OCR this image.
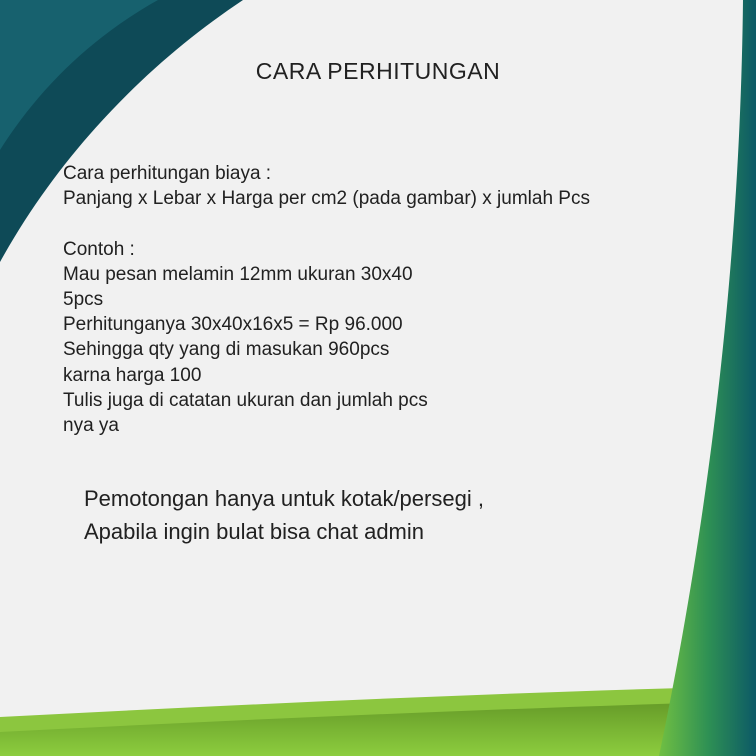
CARA PERHITUNGAN
Cara perhitungan biaya :
Panjang x Lebar x Harga per cm2 (pada gambar) x jumlah Pcs
Contoh :
Mau pesan melamin 12mm ukuran 30x40
5pcs
Perhitunganya 30x40x16x5 = Rp 96.000
Sehingga qty yang di masukan 960pcs
karna harga 100
Tulis juga di catatan ukuran dan jumlah pcs
nya ya
Pemotongan hanya untuk kotak/persegi ,
Apabila ingin bulat bisa chat admin
